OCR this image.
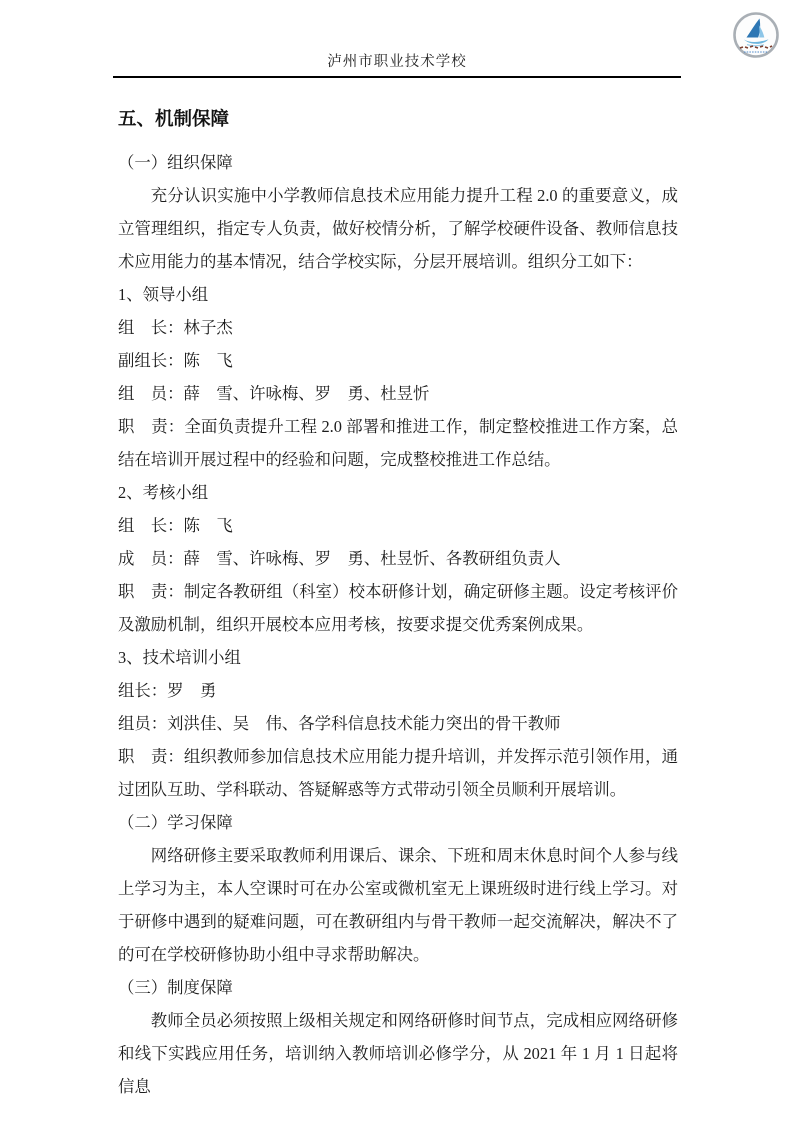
泸州市职业技术学校
五、机制保障

（一）组织保障

充分认识实施中小学教师信息技术应用能力提升工程 2.0 的重要意义，成立管理组织，指定专人负责，做好校情分析，了解学校硬件设备、教师信息技术应用能力的基本情况，结合学校实际，分层开展培训。组织分工如下：

1、领导小组

组　长：林子杰

副组长：陈　飞

组　员：薛　雪、许咏梅、罗　勇、杜昱忻

职　责：全面负责提升工程 2.0 部署和推进工作，制定整校推进工作方案，总结在培训开展过程中的经验和问题，完成整校推进工作总结。

2、考核小组

组　长：陈　飞

成　员：薛　雪、许咏梅、罗　勇、杜昱忻、各教研组负责人

职　责：制定各教研组（科室）校本研修计划，确定研修主题。设定考核评价及激励机制，组织开展校本应用考核，按要求提交优秀案例成果。

3、技术培训小组

组长：罗　勇

组员：刘洪佳、吴　伟、各学科信息技术能力突出的骨干教师

职　责：组织教师参加信息技术应用能力提升培训，并发挥示范引领作用，通过团队互助、学科联动、答疑解惑等方式带动引领全员顺利开展培训。

（二）学习保障

网络研修主要采取教师利用课后、课余、下班和周末休息时间个人参与线上学习为主，本人空课时可在办公室或微机室无上课班级时进行线上学习。对于研修中遇到的疑难问题，可在教研组内与骨干教师一起交流解决，解决不了的可在学校研修协助小组中寻求帮助解决。

（三）制度保障

教师全员必须按照上级相关规定和网络研修时间节点，完成相应网络研修和线下实践应用任务，培训纳入教师培训必修学分，从 2021 年 1 月 1 日起将信息
